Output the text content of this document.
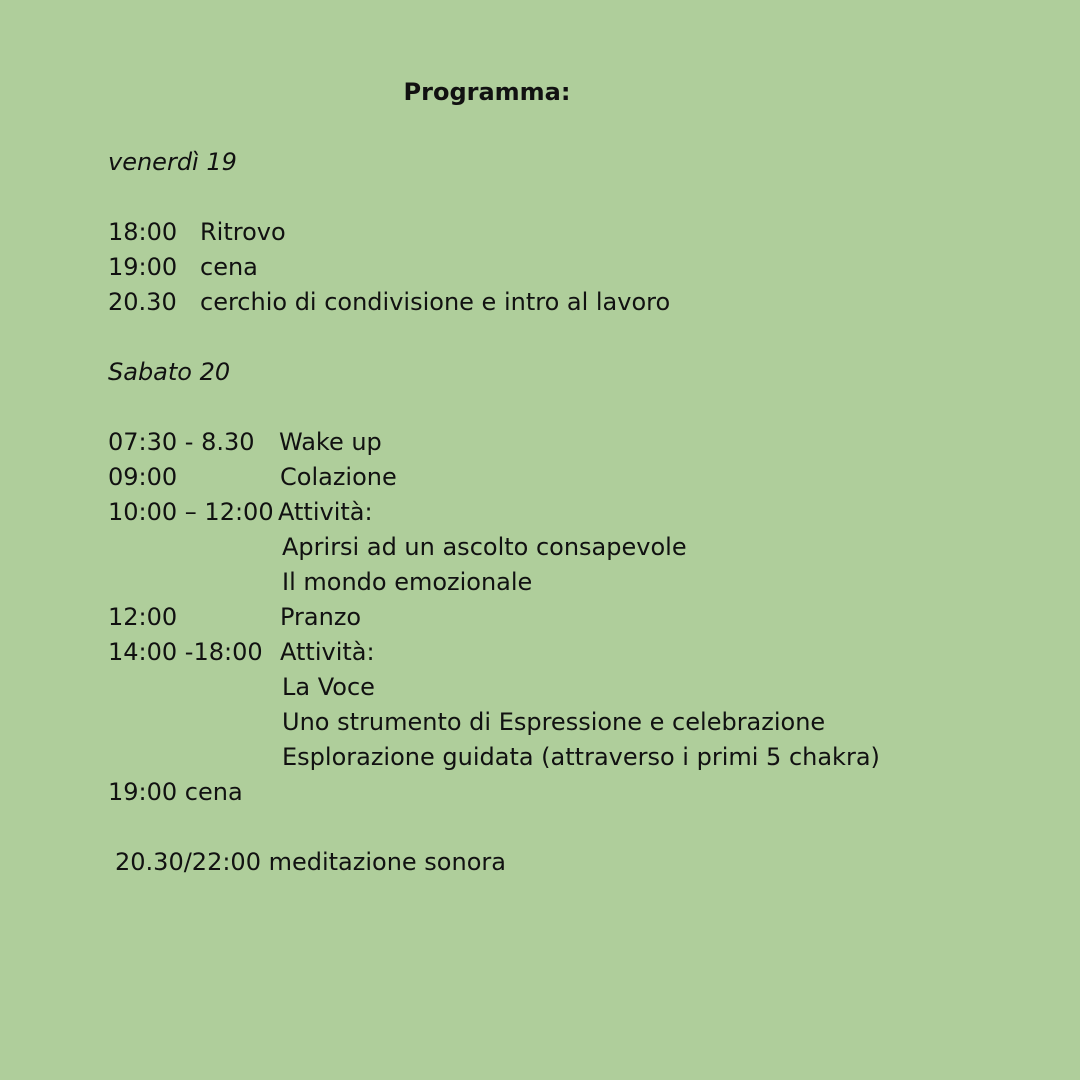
Programma:
venerdì 19
18:00 Ritrovo
19:00 cena
20.30 cerchio di condivisione e intro al lavoro
Sabato 20
07:30 - 8.30 Wake up
09:00	Colazione
10:00 – 12:00 Attività:
Aprirsi ad un ascolto consapevole
Il mondo emozionale
12:00	Pranzo
14:00 -18:00 Attività:
La Voce
Uno strumento di Espressione e celebrazione
Esplorazione guidata (attraverso i primi 5 chakra)
19:00 cena
20.30/22:00 meditazione sonora
